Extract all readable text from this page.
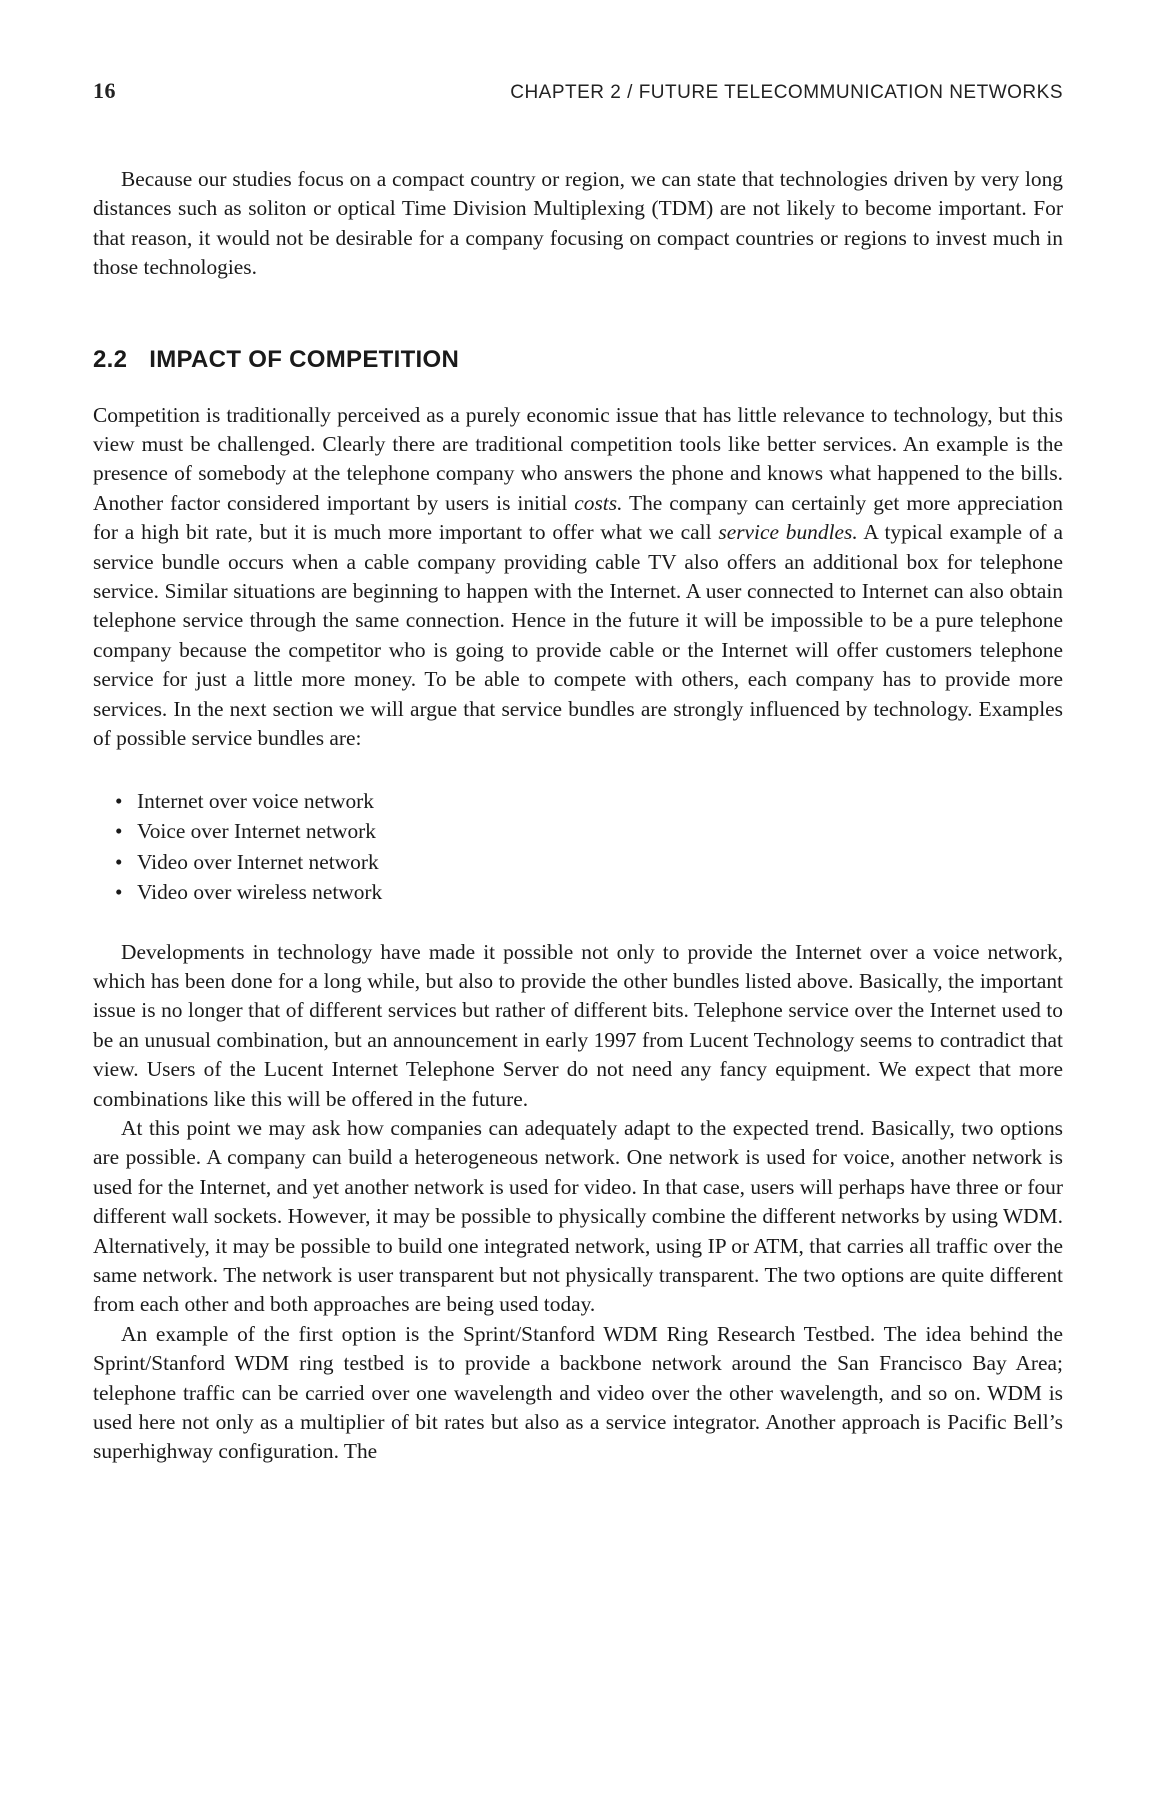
16	CHAPTER 2 / FUTURE TELECOMMUNICATION NETWORKS

Because our studies focus on a compact country or region, we can state that technologies driven by very long distances such as soliton or optical Time Division Multiplexing (TDM) are not likely to become important. For that reason, it would not be desirable for a company focusing on compact countries or regions to invest much in those technologies.

2.2 IMPACT OF COMPETITION

Competition is traditionally perceived as a purely economic issue that has little relevance to technology, but this view must be challenged. Clearly there are traditional competition tools like better services. An example is the presence of somebody at the telephone company who answers the phone and knows what happened to the bills. Another factor considered important by users is initial costs. The company can certainly get more appreciation for a high bit rate, but it is much more important to offer what we call service bundles. A typical example of a service bundle occurs when a cable company providing cable TV also offers an additional box for telephone service. Similar situations are beginning to happen with the Internet. A user connected to Internet can also obtain telephone service through the same connection. Hence in the future it will be impossible to be a pure telephone company because the competitor who is going to provide cable or the Internet will offer customers telephone service for just a little more money. To be able to compete with others, each company has to provide more services. In the next section we will argue that service bundles are strongly influenced by technology. Examples of possible service bundles are:

• Internet over voice network
• Voice over Internet network
• Video over Internet network
• Video over wireless network

Developments in technology have made it possible not only to provide the Internet over a voice network, which has been done for a long while, but also to provide the other bundles listed above. Basically, the important issue is no longer that of different services but rather of different bits. Telephone service over the Internet used to be an unusual combination, but an announcement in early 1997 from Lucent Technology seems to contradict that view. Users of the Lucent Internet Telephone Server do not need any fancy equipment. We expect that more combinations like this will be offered in the future.

At this point we may ask how companies can adequately adapt to the expected trend. Basically, two options are possible. A company can build a heterogeneous network. One network is used for voice, another network is used for the Internet, and yet another network is used for video. In that case, users will perhaps have three or four different wall sockets. However, it may be possible to physically combine the different networks by using WDM. Alternatively, it may be possible to build one integrated network, using IP or ATM, that carries all traffic over the same network. The network is user transparent but not physically transparent. The two options are quite different from each other and both approaches are being used today.

An example of the first option is the Sprint/Stanford WDM Ring Research Testbed. The idea behind the Sprint/Stanford WDM ring testbed is to provide a backbone network around the San Francisco Bay Area; telephone traffic can be carried over one wavelength and video over the other wavelength, and so on. WDM is used here not only as a multiplier of bit rates but also as a service integrator. Another approach is Pacific Bell’s superhighway configuration. The
